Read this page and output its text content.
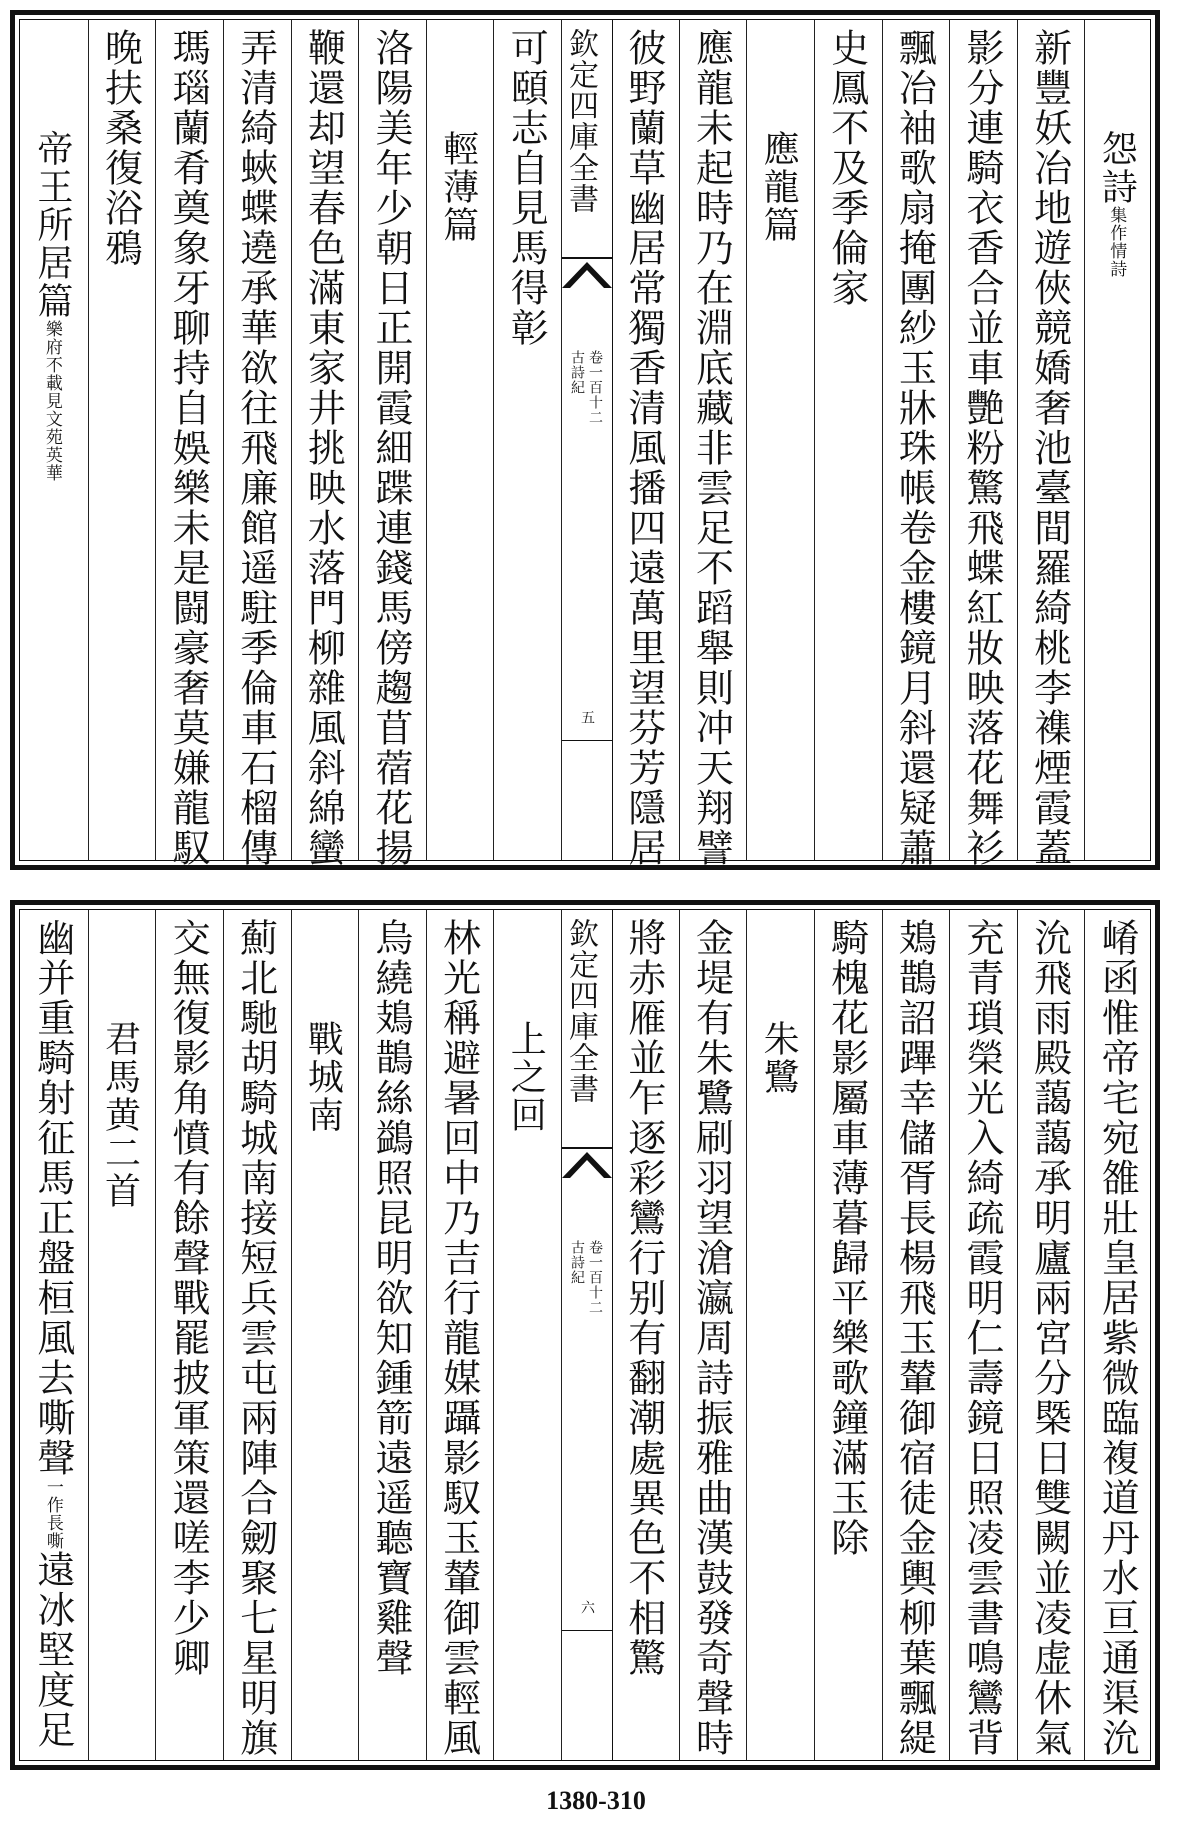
怨詩集作情詩
新豐妖冶地遊俠競嬌奢池臺間羅綺桃李襍煙霞蓋
影分連騎衣香合並車艷粉驚飛蝶紅妝映落花舞衫
飄冶袖歌扇掩團紗玉牀珠帳卷金樓鏡月斜還疑蕭
史鳳不及季倫家
應龍篇
應龍未起時乃在淵底藏非雲足不蹈舉則冲天翔譬
彼野蘭草幽居常獨香清風播四遠萬里望芬芳隱居
欽定四庫全書
古詩紀 卷一百十二
五
可頤志自見馬得彰
輕薄篇
洛陽美年少朝日正開霞細蹀連錢馬傍趨苜蓿花揚
鞭還却望春色滿東家井挑映水落門柳雜風斜綿蠻
弄清綺蛺蝶遶承華欲往飛廉館遥駐季倫車石榴傳
瑪瑙蘭肴奠象牙聊持自娛樂未是闘豪奢莫嫌龍馭
晚扶桑復浴鴉
帝王所居篇樂府不載見文苑英華
崤函惟帝宅宛雒壯皇居紫微臨複道丹水亘通渠沇
沇飛雨殿藹藹承明廬兩宮分槩日雙闕並凌虚休氣
充青瑣榮光入綺疏霞明仁壽鏡日照凌雲書鳴鸞背
鳷鵲詔蹕幸儲胥長楊飛玉輦御宿徒金輿柳葉飄緹
騎槐花影屬車薄暮歸平樂歌鐘滿玉除
朱鷺
金堤有朱鷺刷羽望滄瀛周詩振雅曲漢鼓發奇聲時
將赤雁並乍逐彩鸞行别有翻潮處異色不相驚
欽定四庫全書
古詩紀 卷一百十二
六
上之回
林光稱避暑回中乃吉行龍媒躡影馭玉輦御雲輕風
烏繞鳷鵲絲鷁照昆明欲知鍾箭遠遥聽寶雞聲
戰城南
薊北馳胡騎城南接短兵雲屯兩陣合劒聚七星明旗
交無復影角憤有餘聲戰罷披軍策還嗟李少卿
君馬黄二首
幽并重騎射征馬正盤桓風去嘶聲一作長嘶遠冰堅度足
1380-310
